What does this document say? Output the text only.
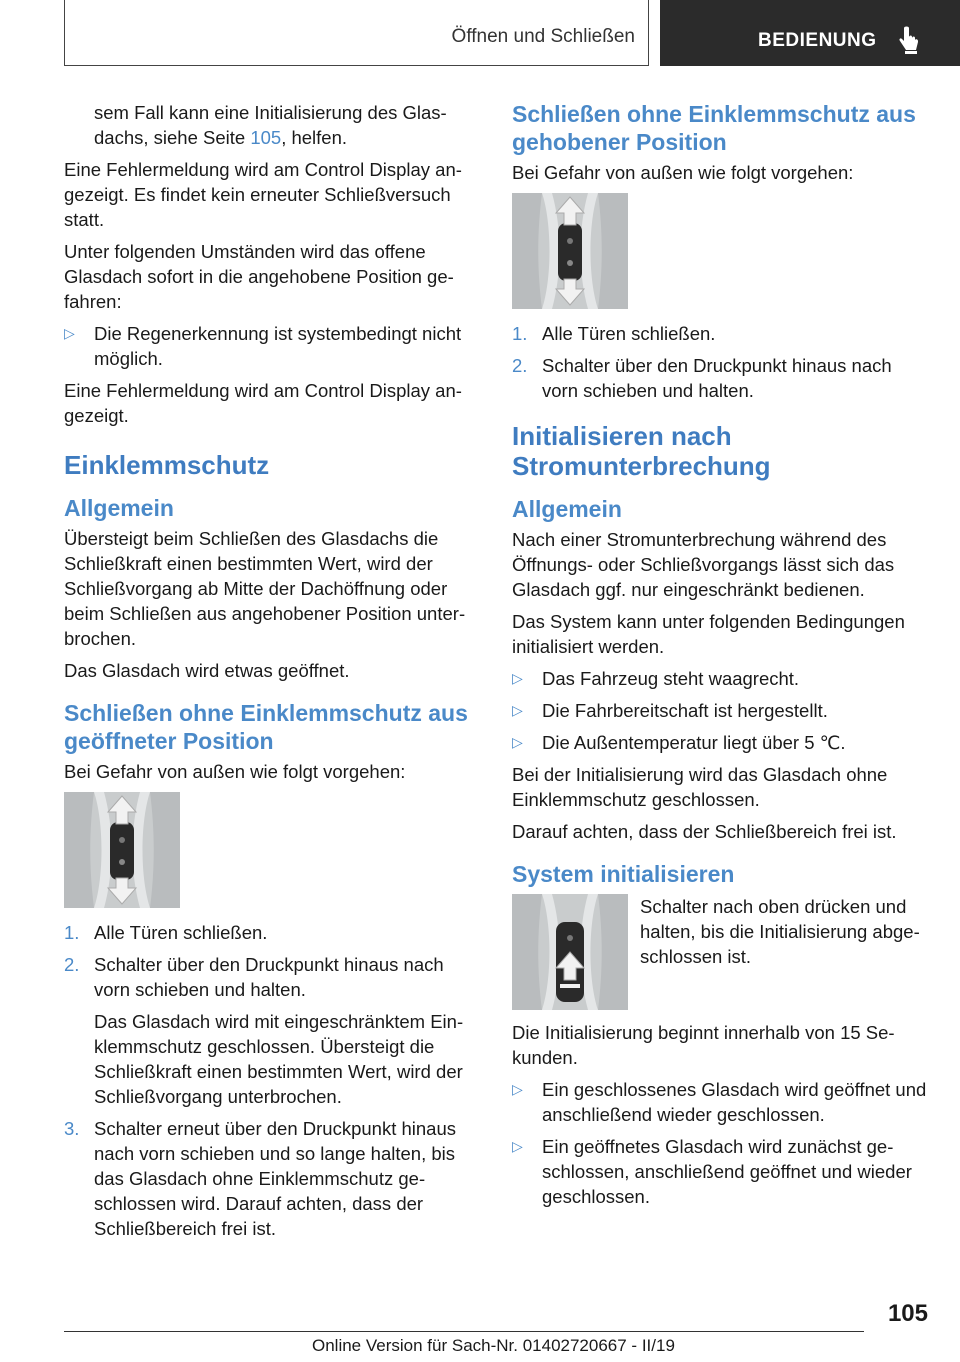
Öffnen und Schließen	BEDIENUNG

sem Fall kann eine Initialisierung des Glas-
dachs, siehe Seite 105, helfen.

Eine Fehlermeldung wird am Control Display angezeigt. Es findet kein erneuter Schließversuch statt.

Unter folgenden Umständen wird das offene Glasdach sofort in die angehobene Position gefahren:

▷ Die Regenerkennung ist systembedingt nicht möglich.

Eine Fehlermeldung wird am Control Display angezeigt.

Einklemmschutz
Allgemein

Übersteigt beim Schließen des Glasdachs die Schließkraft einen bestimmten Wert, wird der Schließvorgang ab Mitte der Dachöffnung oder beim Schließen aus angehobener Position unterbrochen.

Das Glasdach wird etwas geöffnet.

Schließen ohne Einklemmschutz aus geöffneter Position

Bei Gefahr von außen wie folgt vorgehen:

1. Alle Türen schließen.
2. Schalter über den Druckpunkt hinaus nach vorn schieben und halten.
Das Glasdach wird mit eingeschränktem Einklemmschutz geschlossen. Übersteigt die Schließkraft einen bestimmten Wert, wird der Schließvorgang unterbrochen.
3. Schalter erneut über den Druckpunkt hinaus nach vorn schieben und so lange halten, bis das Glasdach ohne Einklemmschutz geschlossen wird. Darauf achten, dass der Schließbereich frei ist.
Schließen ohne Einklemmschutz aus gehobener Position

Bei Gefahr von außen wie folgt vorgehen:

1. Alle Türen schließen.
2. Schalter über den Druckpunkt hinaus nach vorn schieben und halten.
Initialisieren nach Stromunterbrechung
Allgemein

Nach einer Stromunterbrechung während des Öffnungs- oder Schließvorgangs lässt sich das Glasdach ggf. nur eingeschränkt bedienen.

Das System kann unter folgenden Bedingungen initialisiert werden.

▷ Das Fahrzeug steht waagrecht.
▷ Die Fahrbereitschaft ist hergestellt.
▷ Die Außentemperatur liegt über 5 ℃.

Bei der Initialisierung wird das Glasdach ohne Einklemmschutz geschlossen.

Darauf achten, dass der Schließbereich frei ist.

System initialisieren
Schalter nach oben drücken und halten, bis die Initialisierung abgeschlossen ist.

Die Initialisierung beginnt innerhalb von 15 Sekunden.

▷ Ein geschlossenes Glasdach wird geöffnet und anschließend wieder geschlossen.
▷ Ein geöffnetes Glasdach wird zunächst geschlossen, anschließend geöffnet und wieder geschlossen.
105
Online Version für Sach-Nr. 01402720667 - II/19
